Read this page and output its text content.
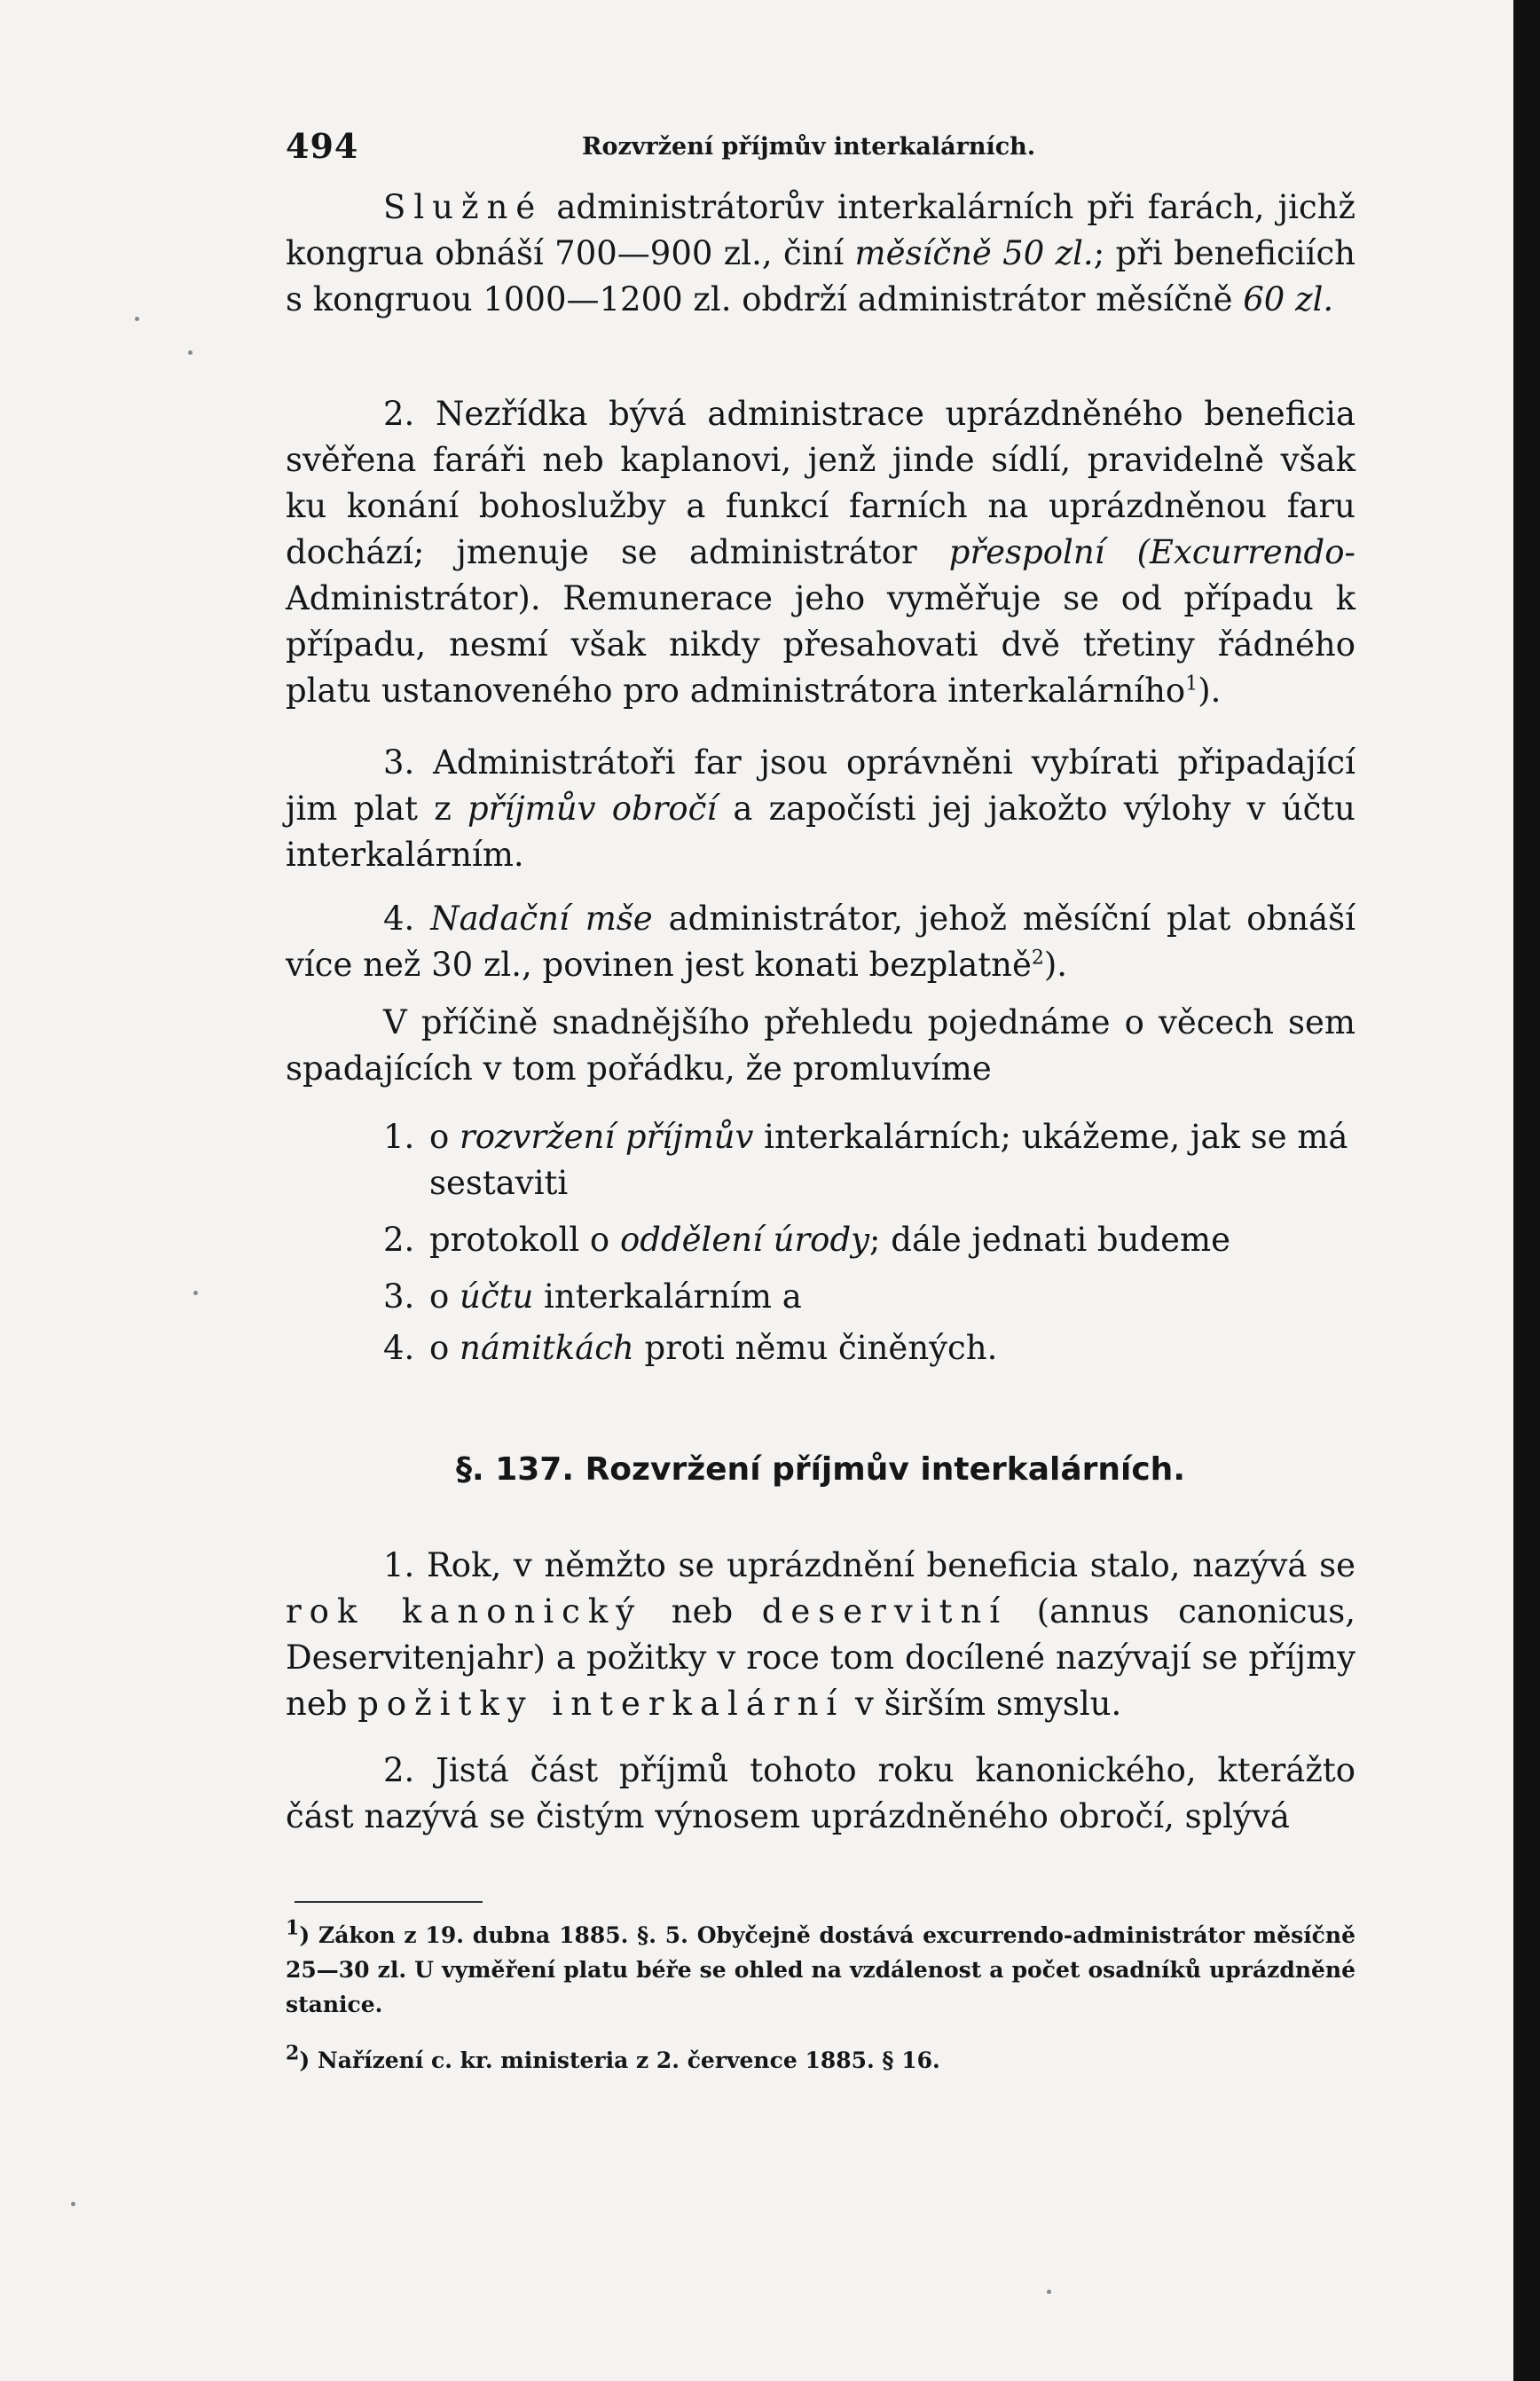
494	Rozvržení příjmův interkalárních.

Služné administrátorův interkalárních při farách, jichž kongrua obnáší 700—900 zl., činí měsíčně 50 zl.; při beneficiích s kongruou 1000—1200 zl. obdrží administrátor měsíčně 60 zl.

2. Nezřídka bývá administrace uprázdněného beneficia svěřena faráři neb kaplanovi, jenž jinde sídlí, pravidelně však ku konání bohoslužby a funkcí farních na uprázdněnou faru dochází; jmenuje se administrátor přespolní (Excurrendo-Administrátor). Remunerace jeho vyměřuje se od případu k případu, nesmí však nikdy přesahovati dvě třetiny řádného platu ustanoveného pro administrátora interkalárního$^1$).

3. Administrátoři far jsou oprávněni vybírati připadající jim plat z příjmův obročí a započísti jej jakožto výlohy v účtu interkalárním.

4. Nadační mše administrátor, jehož měsíční plat obnáší více než 30 zl., povinen jest konati bezplatně$^2$).

V příčině snadnějšího přehledu pojednáme o věcech sem spadajících v tom pořádku, že promluvíme

1. o rozvržení příjmův interkalárních; ukážeme, jak se má sestaviti
2. protokoll o oddělení úrody; dále jednati budeme
3. o účtu interkalárním a
4. o námitkách proti němu činěných.
§. 137. Rozvržení příjmův interkalárních.

1. Rok, v němžto se uprázdnění beneficia stalo, nazývá se rok kanonický neb deservitní (annus canonicus, Deservitenjahr) a požitky v roce tom docílené nazývají se příjmy neb požitky interkalární v širším smyslu.

2. Jistá část příjmů tohoto roku kanonického, kterážto část nazývá se čistým výnosem uprázdněného obročí, splývá

$^1$) Zákon z 19. dubna 1885. §. 5. Obyčejně dostává excurrendo-administrátor měsíčně 25—30 zl. U vyměření platu béře se ohled na vzdálenost a počet osadníků uprázdněné stanice.
$^2$) Nařízení c. kr. ministeria z 2. července 1885. § 16.
